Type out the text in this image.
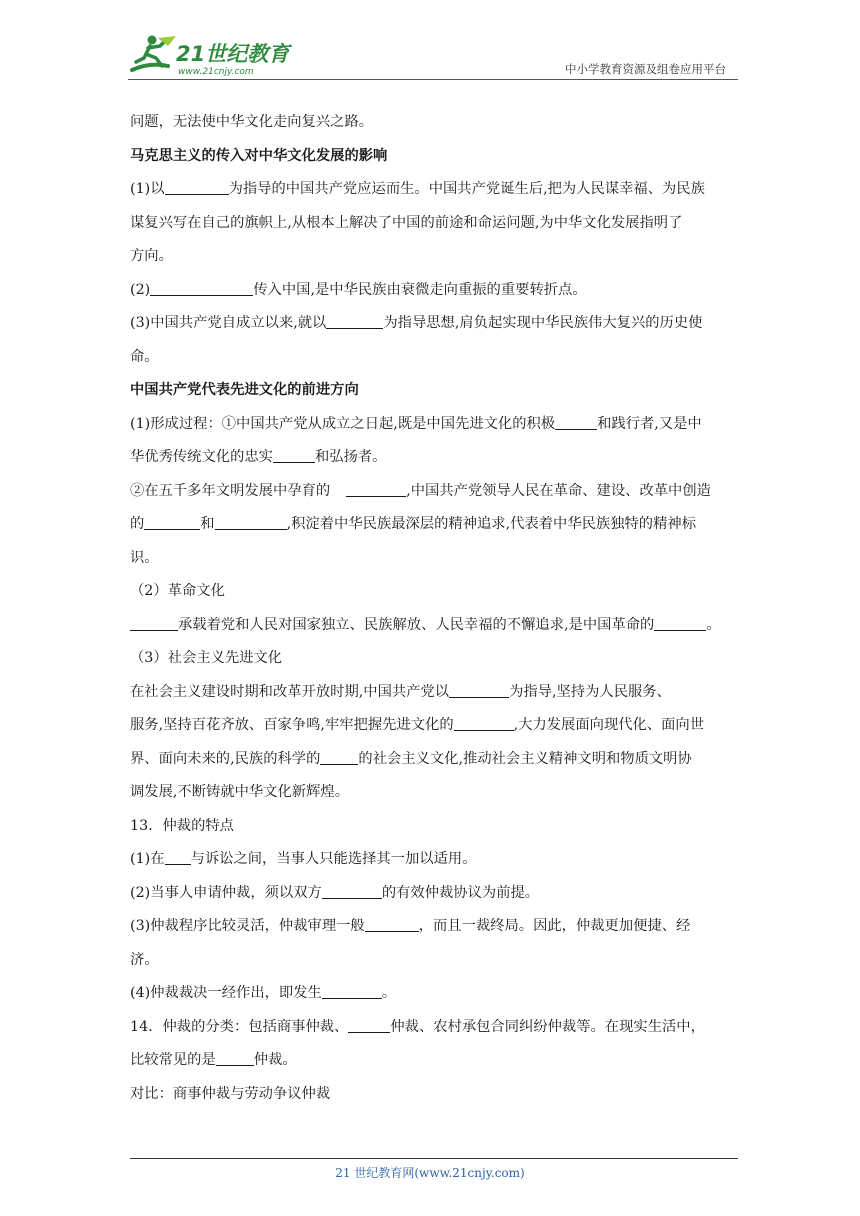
21世纪教育
www.21cnjy.com	中小学教育资源及组卷应用平台

问题，无法使中华文化走向复兴之路。

马克思主义的传入对中华文化发展的影响

(1)以	为指导的中国共产党应运而生。中国共产党诞生后,把为人民谋幸福、为民族

谋复兴写在自己的旗帜上,从根本上解决了中国的前途和命运问题,为中华文化发展指明了

方向。

(2)	传入中国,是中华民族由衰微走向重振的重要转折点。

(3)中国共产党自成立以来,就以	为指导思想,肩负起实现中华民族伟大复兴的历史使

命。

中国共产党代表先进文化的前进方向

(1)形成过程：①中国共产党从成立之日起,既是中国先进文化的积极	和践行者,又是中

华优秀传统文化的忠实	和弘扬者。

②在五千多年文明发展中孕育的	,中国共产党领导人民在革命、建设、改革中创造

的	和	,积淀着中华民族最深层的精神追求,代表着中华民族独特的精神标

识。

（2）革命文化

承载着党和人民对国家独立、民族解放、人民幸福的不懈追求,是中国革命的	。

（3）社会主义先进文化

在社会主义建设时期和改革开放时期,中国共产党以	为指导,坚持为人民服务、

服务,坚持百花齐放、百家争鸣,牢牢把握先进文化的	,大力发展面向现代化、面向世

界、面向未来的,民族的科学的	的社会主义文化,推动社会主义精神文明和物质文明协

调发展,不断铸就中华文化新辉煌。

13．仲裁的特点

(1)在 与诉讼之间，当事人只能选择其一加以适用。

(2)当事人申请仲裁，须以双方	的有效仲裁协议为前提。

(3)仲裁程序比较灵活，仲裁审理一般	，而且一裁终局。因此，仲裁更加便捷、经

济。

(4)仲裁裁决一经作出，即发生	。

14．仲裁的分类：包括商事仲裁、	仲裁、农村承包合同纠纷仲裁等。在现实生活中，

比较常见的是	仲裁。

对比：商事仲裁与劳动争议仲裁

21 世纪教育网(www.21cnjy.com)
